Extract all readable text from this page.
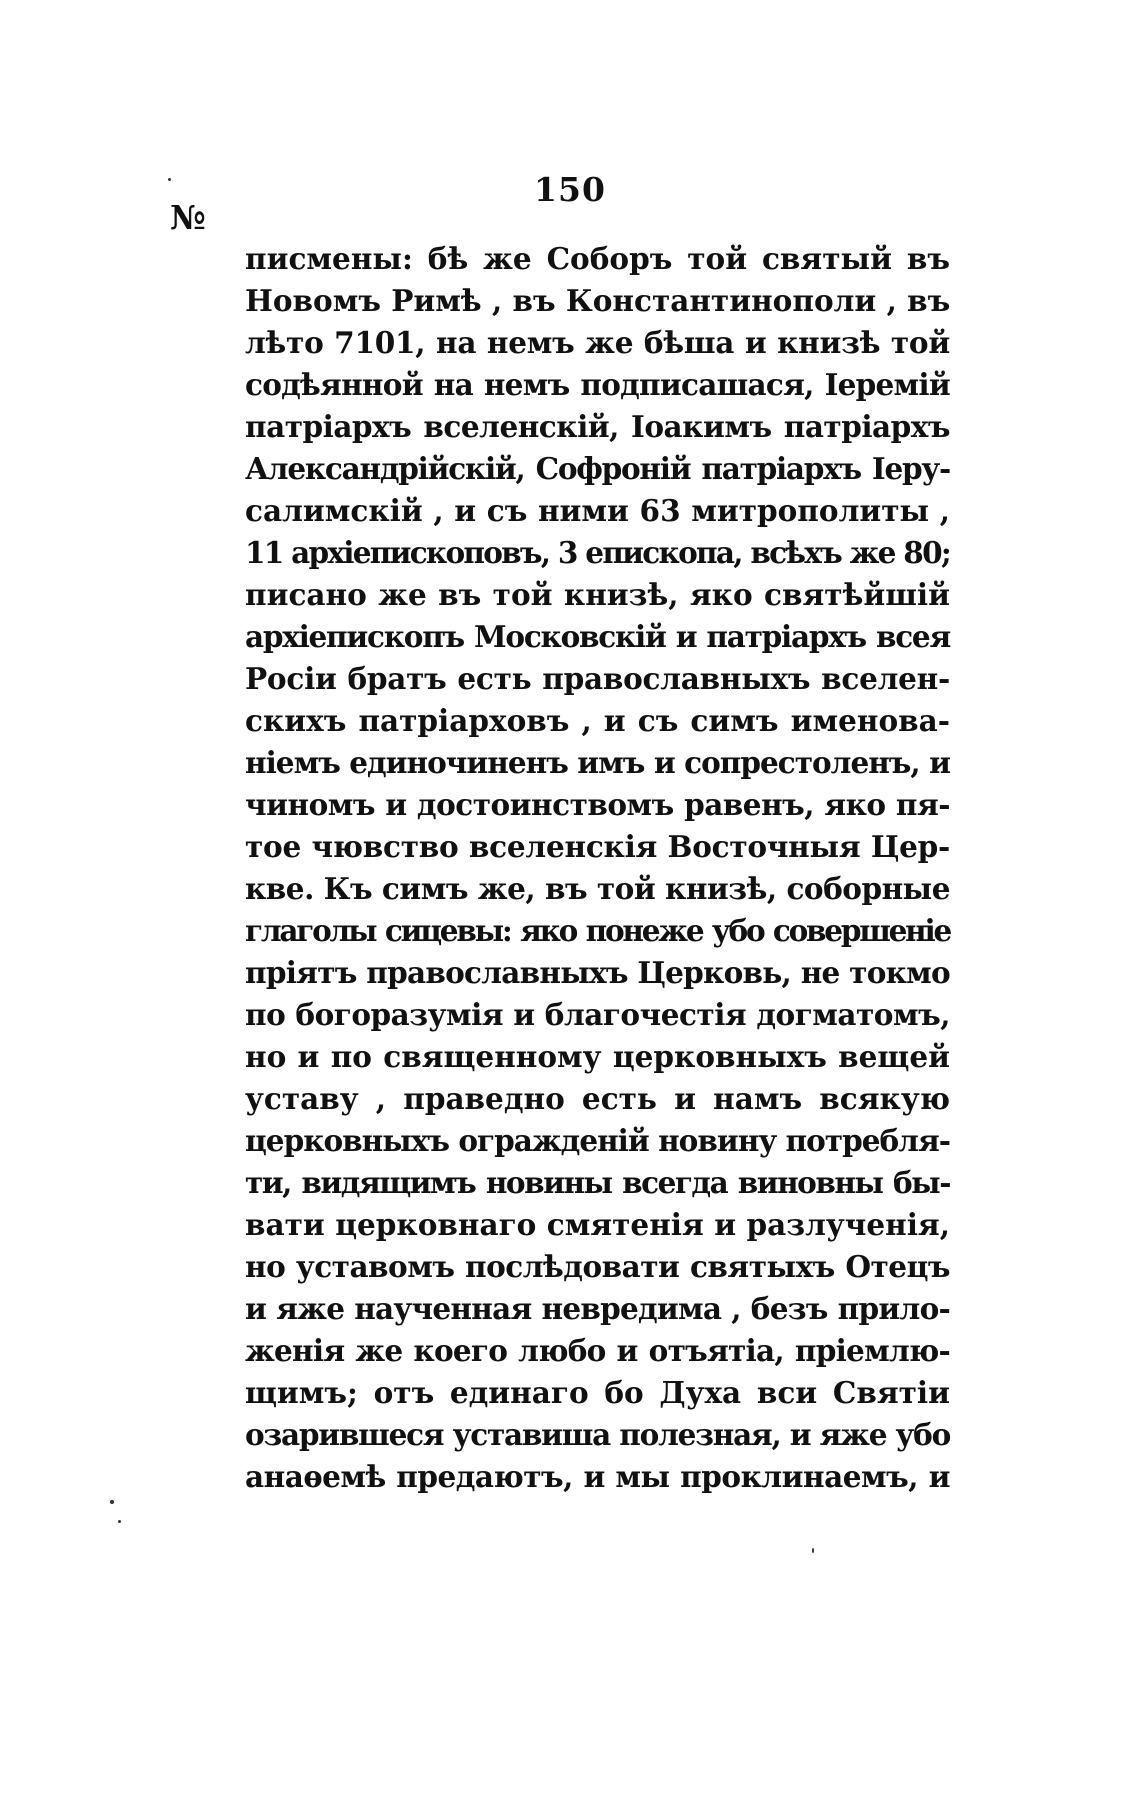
150
№
писмены: бѣ же Соборъ той святый въ
Новомъ Римѣ , въ Константинополи , въ
лѣто 7101, на немъ же бѣша и книзѣ той
содѣянной на немъ подписашася, Іеремій
патріархъ вселенскій, Іоакимъ патріархъ
Александрійскій, Софроній патріархъ Іеру-
салимскій , и съ ними 63 митрополиты ,
11 архіепископовъ, 3 епископа, всѣхъ же 80;
писано же въ той книзѣ, яко святѣйшій
архіепископъ Московскій и патріархъ всея
Росіи братъ есть православныхъ вселен-
скихъ патріарховъ , и съ симъ именова-
ніемъ единочиненъ имъ и сопрестоленъ, и
чиномъ и достоинствомъ равенъ, яко пя-
тое чювство вселенскія Восточныя Цер-
кве. Къ симъ же, въ той книзѣ, соборные
глаголы сицевы: яко понеже убо совершеніе
пріятъ православныхъ Церковь, не токмо
по богоразумія и благочестія догматомъ,
но и по священному церковныхъ вещей
уставу , праведно есть и намъ всякую
церковныхъ огражденій новину потребля-
ти, видящимъ новины всегда виновны бы-
вати церковнаго смятенія и разлученія,
но уставомъ послѣдовати святыхъ Отецъ
и яже наученная невредима , безъ прило-
женія же коего любо и отъятіа, пріемлю-
щимъ; отъ единаго бо Духа вси Святіи
озарившеся уставиша полезная, и яже убо
анаѳемѣ предаютъ, и мы проклинаемъ, и
